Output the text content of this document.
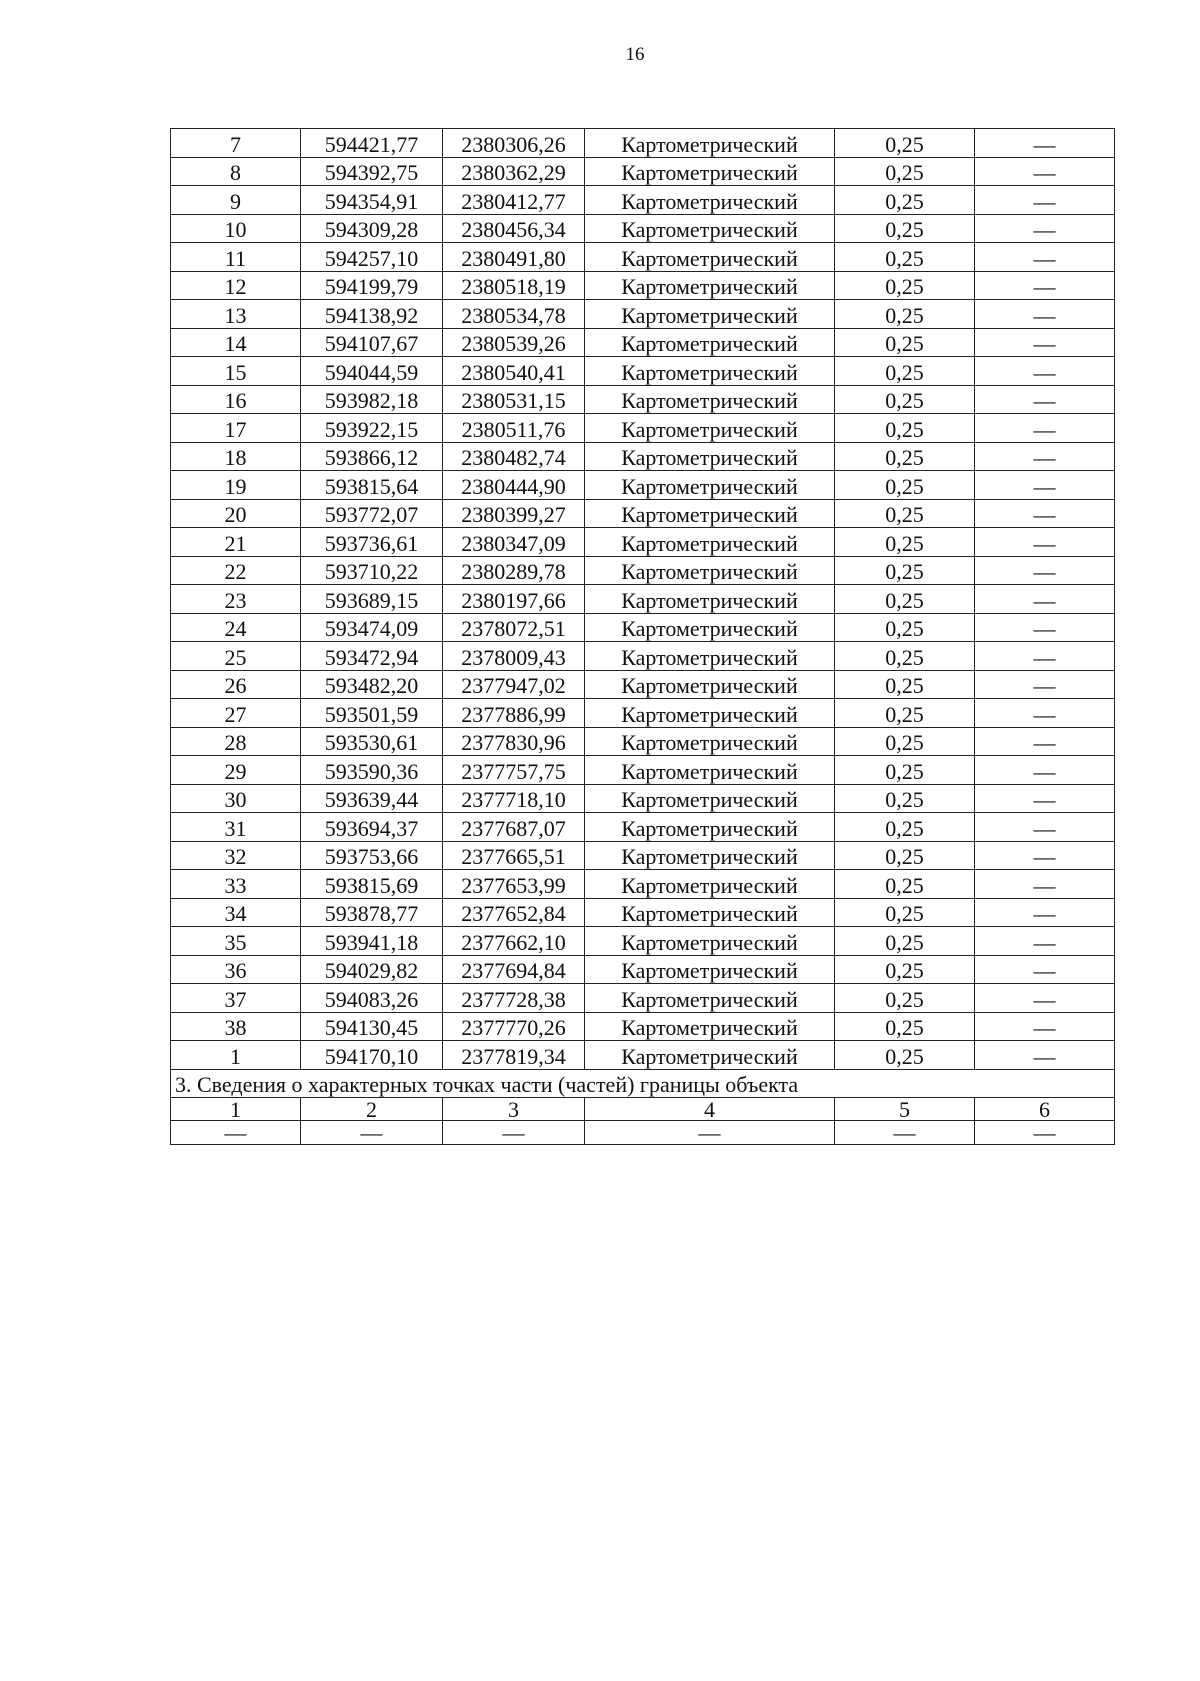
16
7	594421,77	2380306,26	Картометрический	0,25	—
8	594392,75	2380362,29	Картометрический	0,25	—
9	594354,91	2380412,77	Картометрический	0,25	—
10	594309,28	2380456,34	Картометрический	0,25	—
11	594257,10	2380491,80	Картометрический	0,25	—
12	594199,79	2380518,19	Картометрический	0,25	—
13	594138,92	2380534,78	Картометрический	0,25	—
14	594107,67	2380539,26	Картометрический	0,25	—
15	594044,59	2380540,41	Картометрический	0,25	—
16	593982,18	2380531,15	Картометрический	0,25	—
17	593922,15	2380511,76	Картометрический	0,25	—
18	593866,12	2380482,74	Картометрический	0,25	—
19	593815,64	2380444,90	Картометрический	0,25	—
20	593772,07	2380399,27	Картометрический	0,25	—
21	593736,61	2380347,09	Картометрический	0,25	—
22	593710,22	2380289,78	Картометрический	0,25	—
23	593689,15	2380197,66	Картометрический	0,25	—
24	593474,09	2378072,51	Картометрический	0,25	—
25	593472,94	2378009,43	Картометрический	0,25	—
26	593482,20	2377947,02	Картометрический	0,25	—
27	593501,59	2377886,99	Картометрический	0,25	—
28	593530,61	2377830,96	Картометрический	0,25	—
29	593590,36	2377757,75	Картометрический	0,25	—
30	593639,44	2377718,10	Картометрический	0,25	—
31	593694,37	2377687,07	Картометрический	0,25	—
32	593753,66	2377665,51	Картометрический	0,25	—
33	593815,69	2377653,99	Картометрический	0,25	—
34	593878,77	2377652,84	Картометрический	0,25	—
35	593941,18	2377662,10	Картометрический	0,25	—
36	594029,82	2377694,84	Картометрический	0,25	—
37	594083,26	2377728,38	Картометрический	0,25	—
38	594130,45	2377770,26	Картометрический	0,25	—
1	594170,10	2377819,34	Картометрический	0,25	—
3. Сведения о характерных точках части (частей) границы объекта					
1	2	3	4	5	6
—	—	—	—	—	—
